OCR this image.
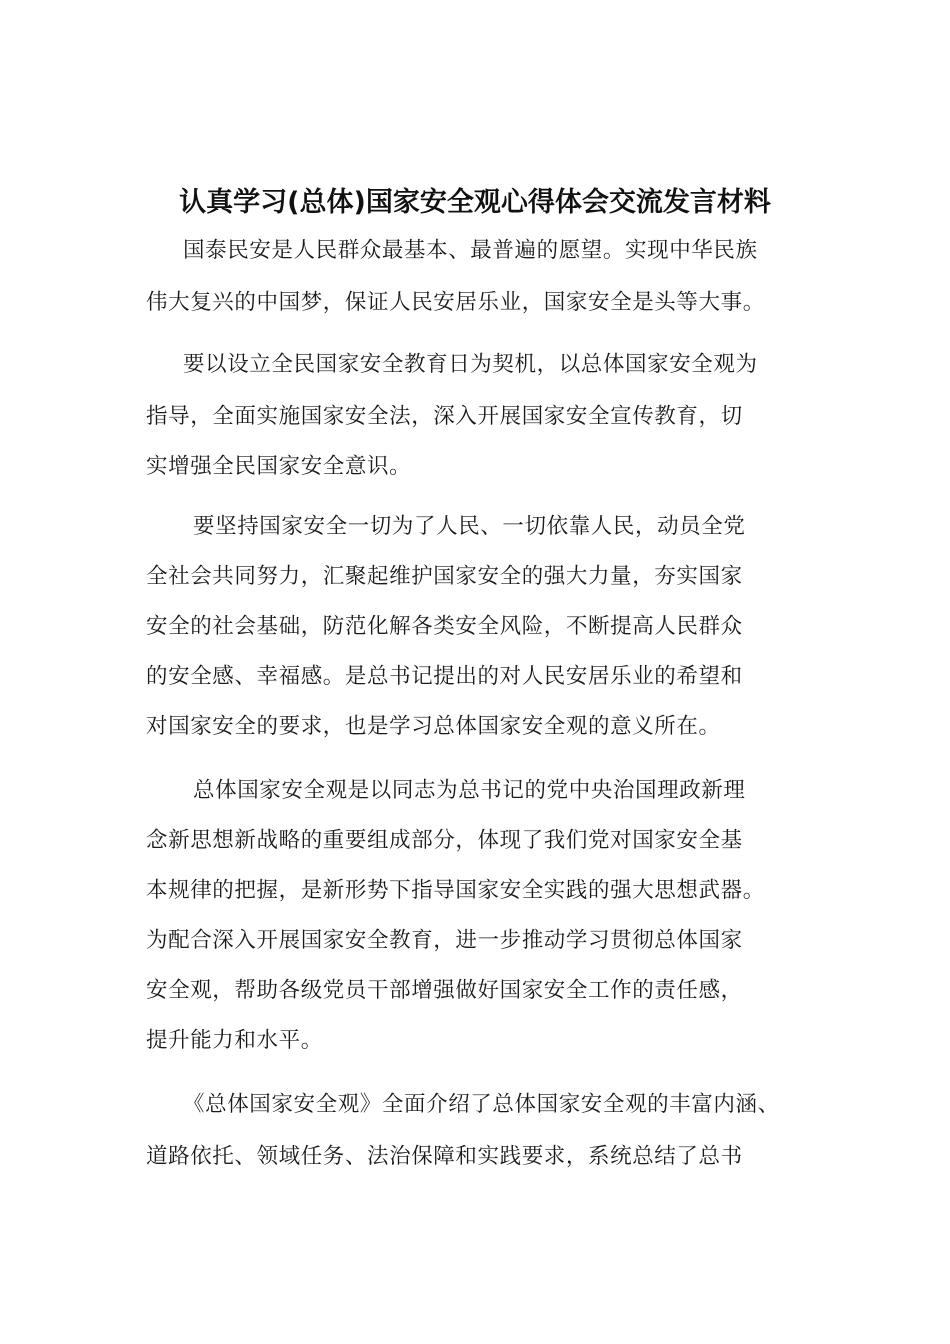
认真学习(总体)国家安全观心得体会交流发言材料
国泰民安是人民群众最基本、最普遍的愿望。实现中华民族
伟大复兴的中国梦，保证人民安居乐业，国家安全是头等大事。
要以设立全民国家安全教育日为契机，以总体国家安全观为
指导，全面实施国家安全法，深入开展国家安全宣传教育，切
实增强全民国家安全意识。
要坚持国家安全一切为了人民、一切依靠人民，动员全党
全社会共同努力，汇聚起维护国家安全的强大力量，夯实国家
安全的社会基础，防范化解各类安全风险，不断提高人民群众
的安全感、幸福感。是总书记提出的对人民安居乐业的希望和
对国家安全的要求，也是学习总体国家安全观的意义所在。
总体国家安全观是以同志为总书记的党中央治国理政新理
念新思想新战略的重要组成部分，体现了我们党对国家安全基
本规律的把握，是新形势下指导国家安全实践的强大思想武器。
为配合深入开展国家安全教育，进一步推动学习贯彻总体国家
安全观，帮助各级党员干部增强做好国家安全工作的责任感，
提升能力和水平。
《总体国家安全观》全面介绍了总体国家安全观的丰富内涵、
道路依托、领域任务、法治保障和实践要求，系统总结了总书
